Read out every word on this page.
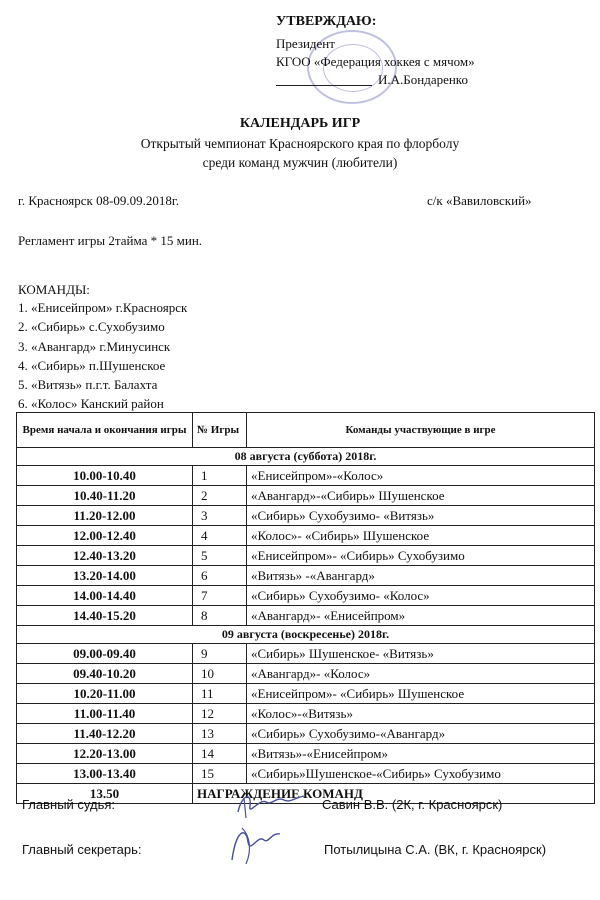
УТВЕРЖДАЮ:
Президент
КГОО «Федерация хоккея с мячом»
И.А.Бондаренко
КАЛЕНДАРЬ ИГР
Открытый чемпионат Красноярского края по флорболу
среди команд мужчин (любители)
г. Красноярск 08-09.09.2018г.	с/к «Вавиловский»
Регламент игры 2тайма * 15 мин.
КОМАНДЫ:
1. «Енисейпром» г.Красноярск
2. «Сибирь» с.Сухобузимо
3. «Авангард» г.Минусинск
4. «Сибирь» п.Шушенское
5. «Витязь» п.г.т. Балахта
6. «Колос» Канский район
Время начала и окончания игры	№ Игры	Команды участвующие в игре
08 августа (суббота) 2018г.		
10.00-10.40	1	«Енисейпром»-«Колос»
10.40-11.20	2	«Авангард»-«Сибирь» Шушенское
11.20-12.00	3	«Сибирь» Сухобузимо- «Витязь»
12.00-12.40	4	«Колос»- «Сибирь» Шушенское
12.40-13.20	5	«Енисейпром»- «Сибирь» Сухобузимо
13.20-14.00	6	«Витязь» -«Авангард»
14.00-14.40	7	«Сибирь» Сухобузимо- «Колос»
14.40-15.20	8	«Авангард»- «Енисейпром»
09 августа (воскресенье) 2018г.		
09.00-09.40	9	«Сибирь» Шушенское- «Витязь»
09.40-10.20	10	«Авангард»- «Колос»
10.20-11.00	11	«Енисейпром»- «Сибирь» Шушенское
11.00-11.40	12	«Колос»-«Витязь»
11.40-12.20	13	«Сибирь» Сухобузимо-«Авангард»
12.20-13.00	14	«Витязь»-«Енисейпром»
13.00-13.40	15	«Сибирь»Шушенское-«Сибирь» Сухобузимо
13.50	НАГРАЖДЕНИЕ КОМАНД	
Главный судья:	Савин В.В. (2К, г. Красноярск)
Главный секретарь:	Потылицына С.А. (ВК, г. Красноярск)
